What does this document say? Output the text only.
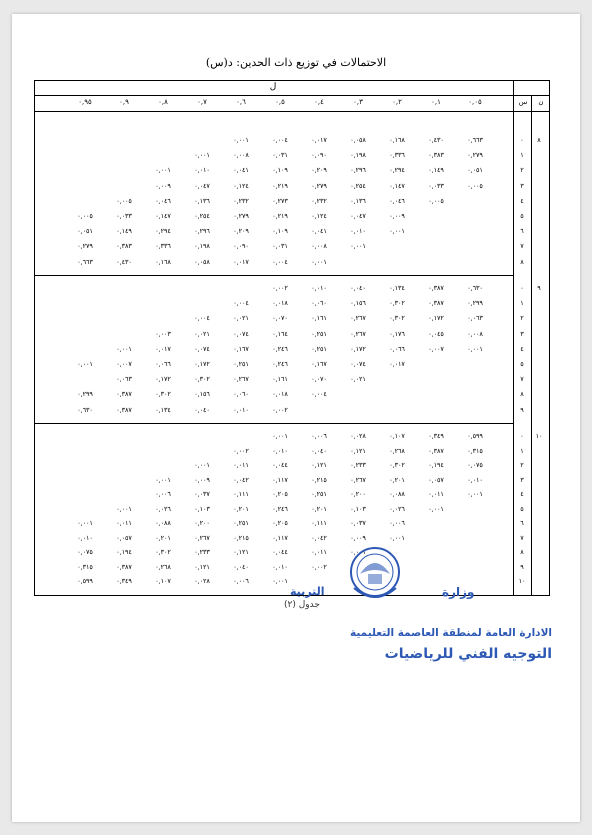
الاحتمالات في توزيع ذات الحدين: د(س)
ل
٠,٠٥
٠,١
٠,٢
٠,٣
٠,٤
٠,٥
٠,٦
٠,٧
٠,٨
٠,٩
٠,٩٥	س	ن
٨
٠
٠,٦٦٣
٠,٤٣٠
٠,١٦٨
٠,٠٥٨
٠,٠١٧
٠,٠٠٤
٠,٠٠١
١
٠,٢٧٩
٠,٣٨٣
٠,٣٣٦
٠,١٩٨
٠,٠٩٠
٠,٠٣١
٠,٠٠٨
٠,٠٠١
٢
٠,٠٥١
٠,١٤٩
٠,٢٩٤
٠,٢٩٦
٠,٢٠٩
٠,١٠٩
٠,٠٤١
٠,٠١٠
٠,٠٠١
٣
٠,٠٠٥
٠,٠٣٣
٠,١٤٧
٠,٢٥٤
٠,٢٧٩
٠,٢١٩
٠,١٢٤
٠,٠٤٧
٠,٠٠٩
٤
٠,٠٠٥
٠,٠٤٦
٠,١٣٦
٠,٢٣٢
٠,٢٧٣
٠,٢٣٢
٠,١٣٦
٠,٠٤٦
٠,٠٠٥
٥
٠,٠٠٩
٠,٠٤٧
٠,١٢٤
٠,٢١٩
٠,٢٧٩
٠,٢٥٤
٠,١٤٧
٠,٠٣٣
٠,٠٠٥
٦
٠,٠٠١
٠,٠١٠
٠,٠٤١
٠,١٠٩
٠,٢٠٩
٠,٢٩٦
٠,٢٩٤
٠,١٤٩
٠,٠٥١
٧
٠,٠٠١
٠,٠٠٨
٠,٠٣١
٠,٠٩٠
٠,١٩٨
٠,٣٣٦
٠,٣٨٣
٠,٢٧٩
٨
٠,٠٠١
٠,٠٠٤
٠,٠١٧
٠,٠٥٨
٠,١٦٨
٠,٤٣٠
٠,٦٦٣
٩
٠
٠,٦٣٠
٠,٣٨٧
٠,١٣٤
٠,٠٤٠
٠,٠١٠
٠,٠٠٢
١
٠,٢٩٩
٠,٣٨٧
٠,٣٠٢
٠,١٥٦
٠,٠٦٠
٠,٠١٨
٠,٠٠٤
٢
٠,٠٦٣
٠,١٧٢
٠,٣٠٢
٠,٢٦٧
٠,١٦١
٠,٠٧٠
٠,٠٢١
٠,٠٠٤
٣
٠,٠٠٨
٠,٠٤٥
٠,١٧٦
٠,٢٦٧
٠,٢٥١
٠,١٦٤
٠,٠٧٤
٠,٠٢١
٠,٠٠٣
٤
٠,٠٠١
٠,٠٠٧
٠,٠٦٦
٠,١٧٢
٠,٢٥١
٠,٢٤٦
٠,١٦٧
٠,٠٧٤
٠,٠١٧
٠,٠٠١
٥
٠,٠١٧
٠,٠٧٤
٠,١٦٧
٠,٢٤٦
٠,٢٥١
٠,١٧٢
٠,٠٦٦
٠,٠٠٧
٠,٠٠١
٧
٠,٠٢١
٠,٠٧٠
٠,١٦١
٠,٢٦٧
٠,٣٠٢
٠,١٧٢
٠,٠٦٣
٨
٠,٠٠٤
٠,٠١٨
٠,٠٦٠
٠,١٥٦
٠,٣٠٢
٠,٣٨٧
٠,٢٩٩
٩
٠,٠٠٢
٠,٠١٠
٠,٠٤٠
٠,١٣٤
٠,٣٨٧
٠,٦٣٠
١٠
٠
٠,٥٩٩
٠,٣٤٩
٠,١٠٧
٠,٠٢٨
٠,٠٠٦
٠,٠٠١
١
٠,٣١٥
٠,٣٨٧
٠,٢٦٨
٠,١٢١
٠,٠٤٠
٠,٠١٠
٠,٠٠٢
٢
٠,٠٧٥
٠,١٩٤
٠,٣٠٢
٠,٢٣٣
٠,١٢١
٠,٠٤٤
٠,٠١١
٠,٠٠١
٣
٠,٠١٠
٠,٠٥٧
٠,٢٠١
٠,٢٦٧
٠,٢١٥
٠,١١٧
٠,٠٤٢
٠,٠٠٩
٠,٠٠١
٤
٠,٠٠١
٠,٠١١
٠,٠٨٨
٠,٢٠٠
٠,٢٥١
٠,٢٠٥
٠,١١١
٠,٠٣٧
٠,٠٠٦
٥
٠,٠٠١
٠,٠٢٦
٠,١٠٣
٠,٢٠١
٠,٢٤٦
٠,٢٠١
٠,١٠٣
٠,٠٢٦
٠,٠٠١
٦
٠,٠٠٦
٠,٠٣٧
٠,١١١
٠,٢٠٥
٠,٢٥١
٠,٢٠٠
٠,٠٨٨
٠,٠١١
٠,٠٠١
٧
٠,٠٠١
٠,٠٠٩
٠,٠٤٢
٠,١١٧
٠,٢١٥
٠,٢٦٧
٠,٢٠١
٠,٠٥٧
٠,٠١٠
٨
٠,٠٠١
٠,٠١١
٠,٠٤٤
٠,١٢١
٠,٢٣٣
٠,٣٠٢
٠,١٩٤
٠,٠٧٥
٩
٠,٠٠٢
٠,٠١٠
٠,٠٤٠
٠,١٢١
٠,٢٦٨
٠,٣٨٧
٠,٣١٥
١٠
٠,٠٠١
٠,٠٠٦
٠,٠٢٨
٠,١٠٧
٠,٣٤٩
٠,٥٩٩
وزارة
التربية
جدول (٢)
الادارة العامة لمنطقة العاصمة التعليمية
التوجيه الفني للرياضيات
